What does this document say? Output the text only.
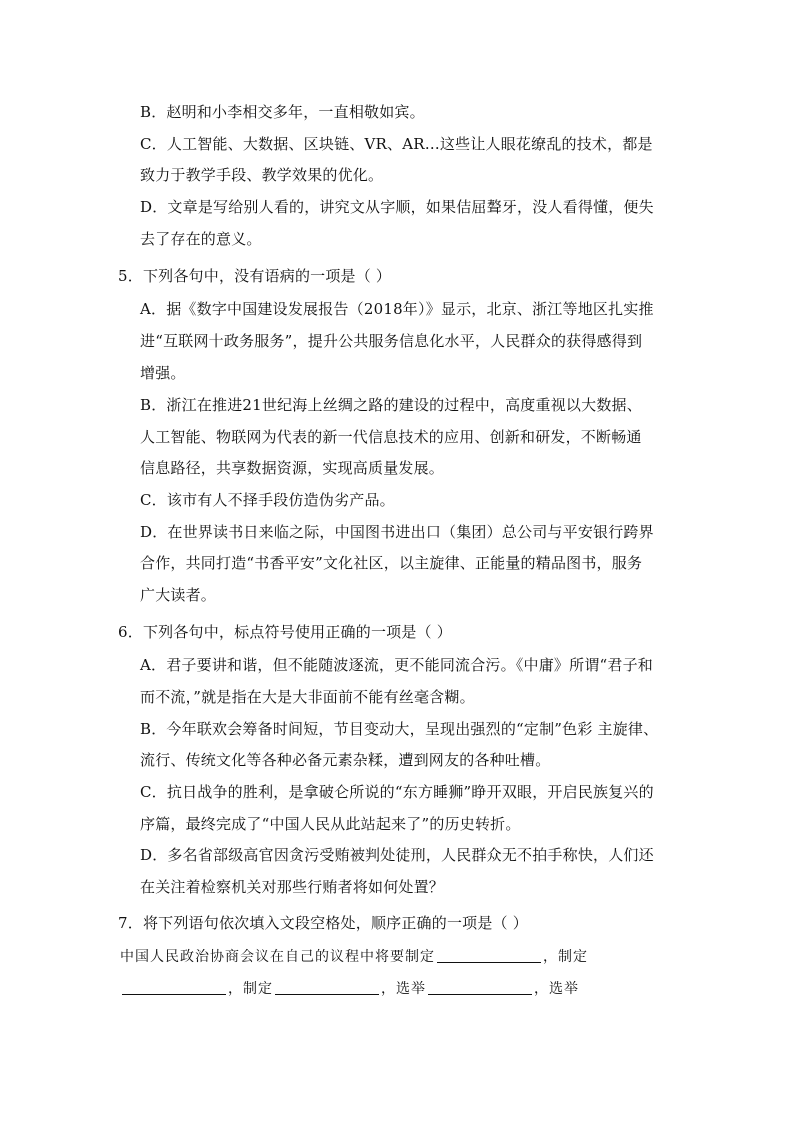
B．赵明和小李相交多年，一直相敬如宾。
C．人工智能、大数据、区块链、VR、AR…这些让人眼花缭乱的技术，都是
致力于教学手段、教学效果的优化。
D．文章是写给别人看的，讲究文从字顺，如果佶屈聱牙，没人看得懂，便失
去了存在的意义。
5．下列各句中，没有语病的一项是（ ）
A．据《数字中国建设发展报告（2018年）》显示，北京、浙江等地区扎实推
进“互联网十政务服务”，提升公共服务信息化水平，人民群众的获得感得到
增强。
B．浙江在推进21世纪海上丝绸之路的建设的过程中，高度重视以大数据、
人工智能、物联网为代表的新一代信息技术的应用、创新和研发，不断畅通
信息路径，共享数据资源，实现高质量发展。
C．该市有人不择手段仿造伪劣产品。
D．在世界读书日来临之际，中国图书进出口（集团）总公司与平安银行跨界
合作，共同打造“书香平安”文化社区，以主旋律、正能量的精品图书，服务
广大读者。
6．下列各句中，标点符号使用正确的一项是（ ）
A．君子要讲和谐，但不能随波逐流，更不能同流合污。《中庸》所谓“君子和
而不流，”就是指在大是大非面前不能有丝毫含糊。
B．今年联欢会筹备时间短，节目变动大，呈现出强烈的“定制”色彩 主旋律、
流行、传统文化等各种必备元素杂糅，遭到网友的各种吐槽。
C．抗日战争的胜利，是拿破仑所说的“东方睡狮”睁开双眼，开启民族复兴的
序篇，最终完成了“中国人民从此站起来了”的历史转折。
D．多名省部级高官因贪污受贿被判处徒刑，人民群众无不拍手称快，人们还
在关注着检察机关对那些行贿者将如何处置？
7．将下列语句依次填入文段空格处，顺序正确的一项是（ ）
中国人民政治协商会议在自己的议程中将要制定	，制定
，制定	，选举	，选举
